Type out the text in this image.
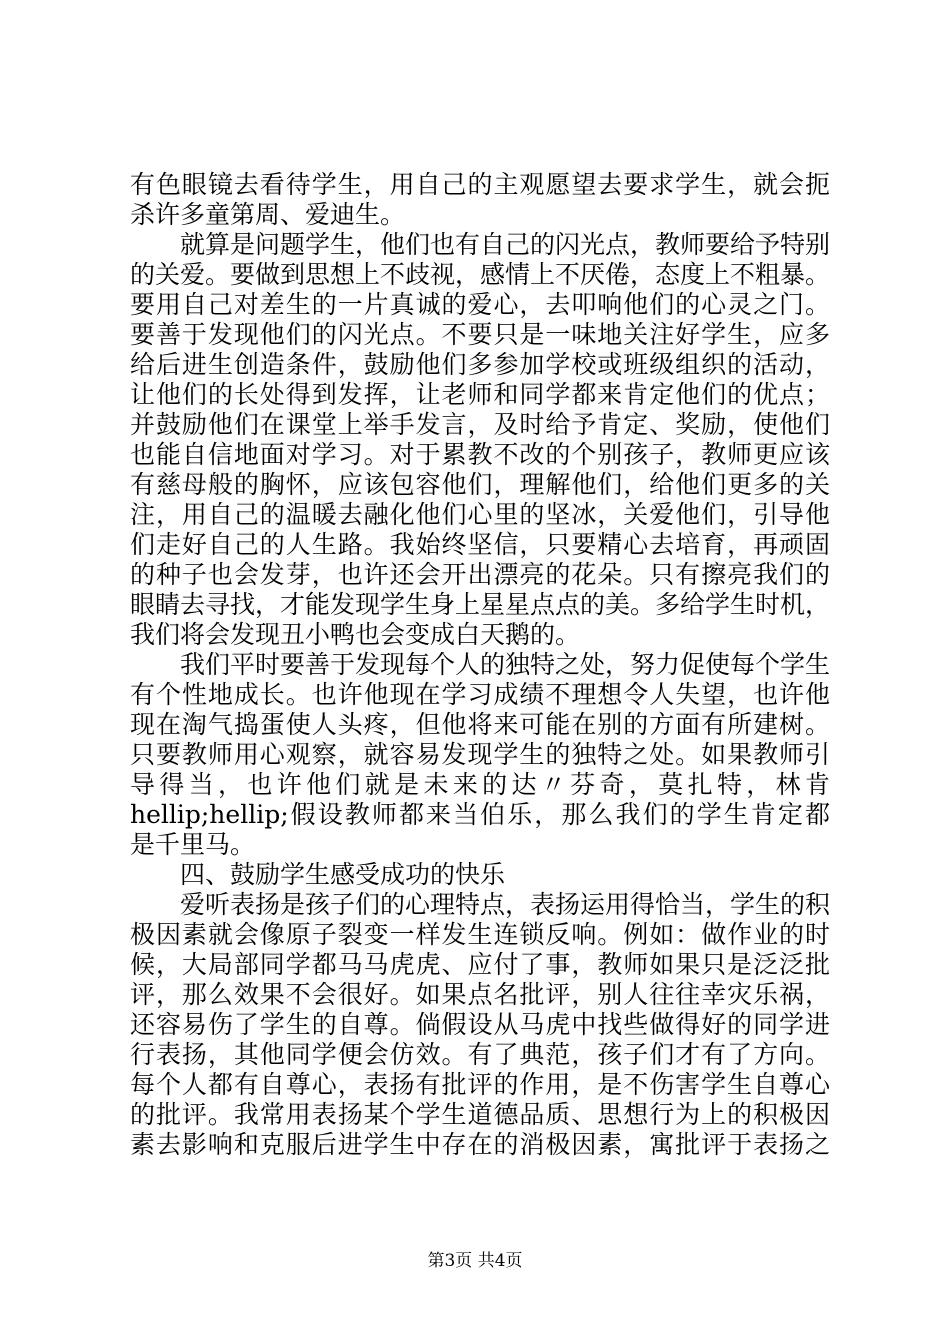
有色眼镜去看待学生，用自己的主观愿望去要求学生，就会扼
杀许多童第周、爱迪生。
就算是问题学生，他们也有自己的闪光点，教师要给予特别
的关爱。要做到思想上不歧视，感情上不厌倦，态度上不粗暴。
要用自己对差生的一片真诚的爱心，去叩响他们的心灵之门。
要善于发现他们的闪光点。不要只是一味地关注好学生，应多
给后进生创造条件，鼓励他们多参加学校或班级组织的活动，
让他们的长处得到发挥，让老师和同学都来肯定他们的优点；
并鼓励他们在课堂上举手发言，及时给予肯定、奖励，使他们
也能自信地面对学习。对于累教不改的个别孩子，教师更应该
有慈母般的胸怀，应该包容他们，理解他们，给他们更多的关
注，用自己的温暖去融化他们心里的坚冰，关爱他们，引导他
们走好自己的人生路。我始终坚信，只要精心去培育，再顽固
的种子也会发芽，也许还会开出漂亮的花朵。只有擦亮我们的
眼睛去寻找，才能发现学生身上星星点点的美。多给学生时机，
我们将会发现丑小鸭也会变成白天鹅的。
我们平时要善于发现每个人的独特之处，努力促使每个学生
有个性地成长。也许他现在学习成绩不理想令人失望，也许他
现在淘气捣蛋使人头疼，但他将来可能在别的方面有所建树。
只要教师用心观察，就容易发现学生的独特之处。如果教师引
导得当，也许他们就是未来的达〃芬奇，莫扎特，林肯
hellip;hellip;假设教师都来当伯乐，那么我们的学生肯定都
是千里马。
四、鼓励学生感受成功的快乐
爱听表扬是孩子们的心理特点，表扬运用得恰当，学生的积
极因素就会像原子裂变一样发生连锁反响。例如：做作业的时
候，大局部同学都马马虎虎、应付了事，教师如果只是泛泛批
评，那么效果不会很好。如果点名批评，别人往往幸灾乐祸，
还容易伤了学生的自尊。倘假设从马虎中找些做得好的同学进
行表扬，其他同学便会仿效。有了典范，孩子们才有了方向。
每个人都有自尊心，表扬有批评的作用，是不伤害学生自尊心
的批评。我常用表扬某个学生道德品质、思想行为上的积极因
素去影响和克服后进学生中存在的消极因素，寓批评于表扬之
第3页 共4页
